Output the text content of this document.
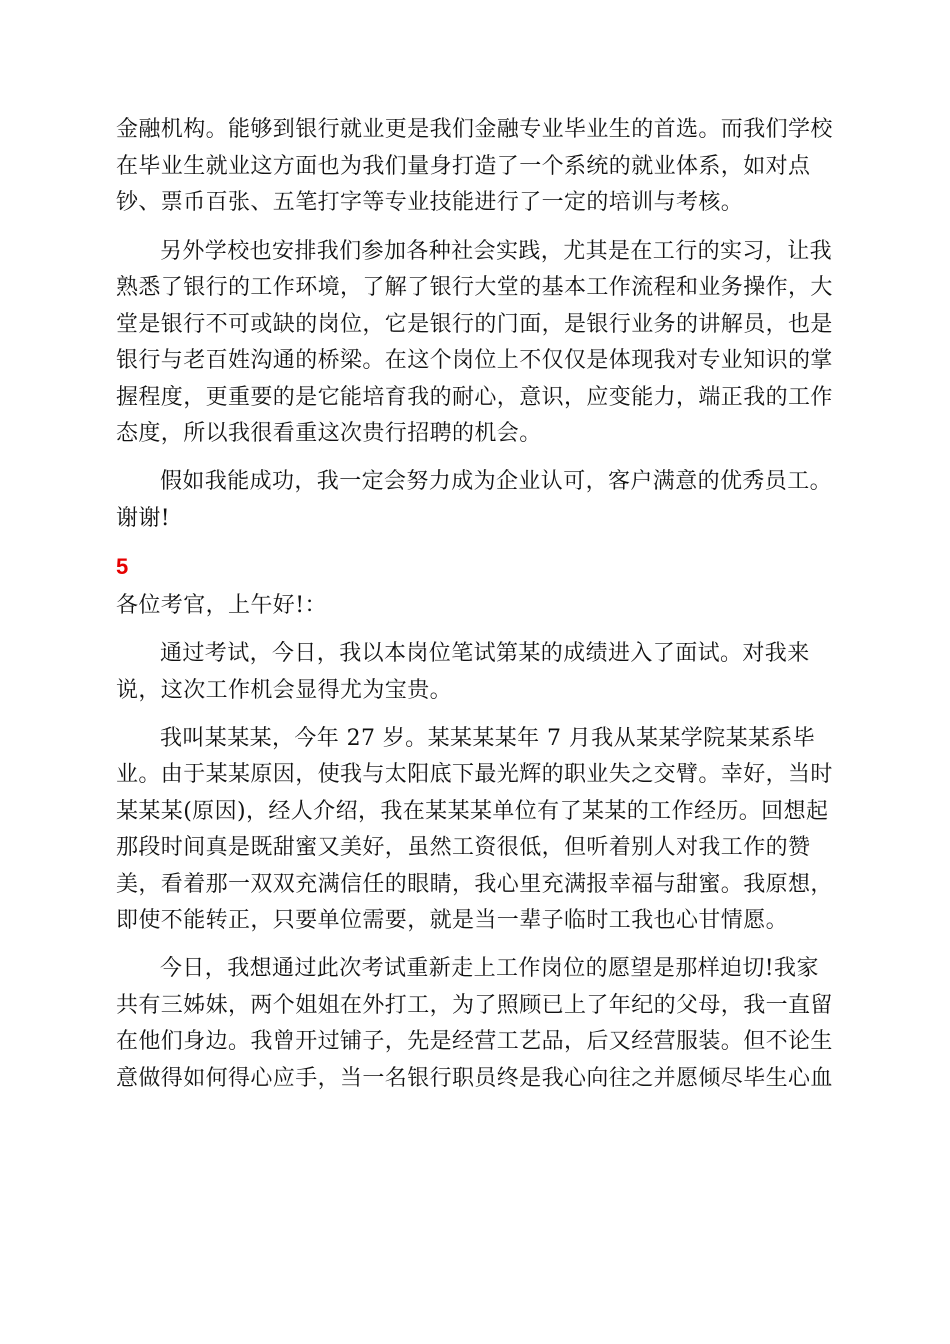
金融机构。能够到银行就业更是我们金融专业毕业生的首选。而我们学校
在毕业生就业这方面也为我们量身打造了一个系统的就业体系，如对点
钞、票币百张、五笔打字等专业技能进行了一定的培训与考核。
另外学校也安排我们参加各种社会实践，尤其是在工行的实习，让我
熟悉了银行的工作环境，了解了银行大堂的基本工作流程和业务操作，大
堂是银行不可或缺的岗位，它是银行的门面，是银行业务的讲解员，也是
银行与老百姓沟通的桥梁。在这个岗位上不仅仅是体现我对专业知识的掌
握程度，更重要的是它能培育我的耐心，意识，应变能力，端正我的工作
态度，所以我很看重这次贵行招聘的机会。
假如我能成功，我一定会努力成为企业认可，客户满意的优秀员工。
谢谢!
5
各位考官，上午好!：
通过考试，今日，我以本岗位笔试第某的成绩进入了面试。对我来
说，这次工作机会显得尤为宝贵。
我叫某某某，今年 27 岁。某某某某年 7 月我从某某学院某某系毕
业。由于某某原因，使我与太阳底下最光辉的职业失之交臂。幸好，当时
某某某(原因)，经人介绍，我在某某某单位有了某某的工作经历。回想起
那段时间真是既甜蜜又美好，虽然工资很低，但听着别人对我工作的赞
美，看着那一双双充满信任的眼睛，我心里充满报幸福与甜蜜。我原想，
即使不能转正，只要单位需要，就是当一辈子临时工我也心甘情愿。
今日，我想通过此次考试重新走上工作岗位的愿望是那样迫切!我家
共有三姊妹，两个姐姐在外打工，为了照顾已上了年纪的父母，我一直留
在他们身边。我曾开过铺子，先是经营工艺品，后又经营服装。但不论生
意做得如何得心应手，当一名银行职员终是我心向往之并愿倾尽毕生心血
